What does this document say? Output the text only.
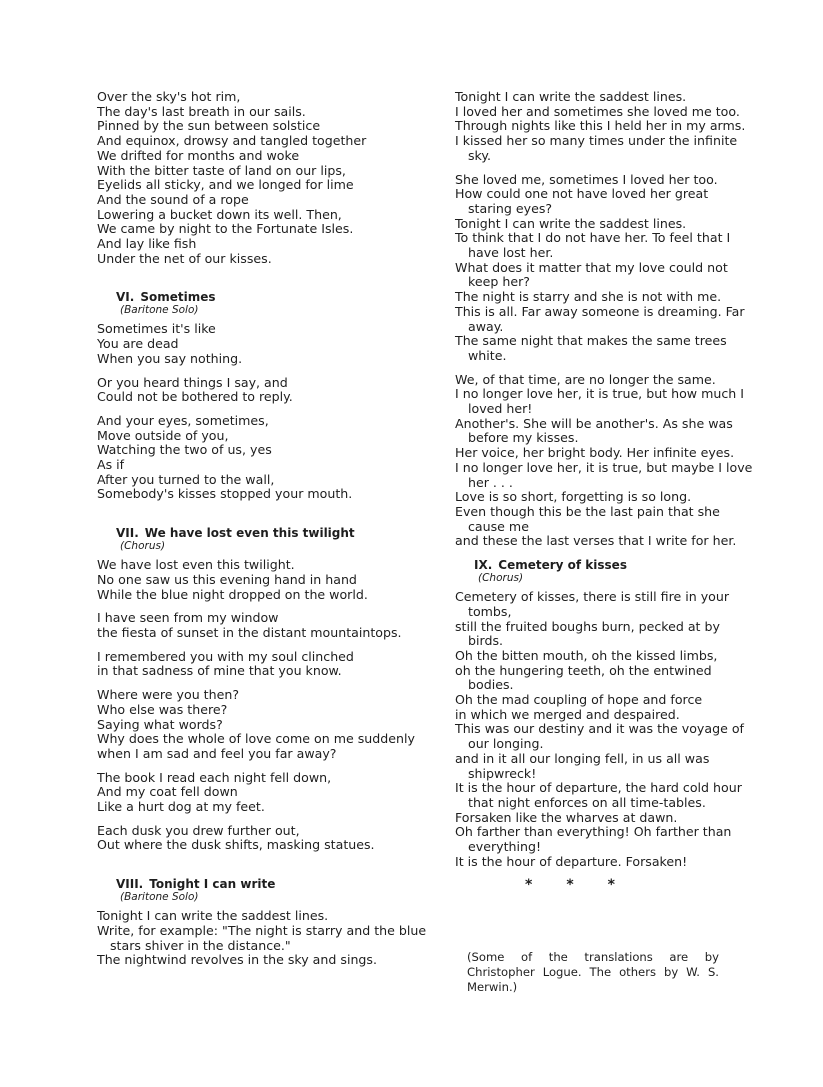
Over the sky's hot rim,
The day's last breath in our sails.
Pinned by the sun between solstice
And equinox, drowsy and tangled together
We drifted for months and woke
With the bitter taste of land on our lips,
Eyelids all sticky, and we longed for lime
And the sound of a rope
Lowering a bucket down its well. Then,
We came by night to the Fortunate Isles.
And lay like fish
Under the net of our kisses.
VI. Sometimes
(Baritone Solo)
Sometimes it's like
You are dead
When you say nothing.
Or you heard things I say, and
Could not be bothered to reply.
And your eyes, sometimes,
Move outside of you,
Watching the two of us, yes
As if
After you turned to the wall,
Somebody's kisses stopped your mouth.
VII. We have lost even this twilight
(Chorus)
We have lost even this twilight.
No one saw us this evening hand in hand
While the blue night dropped on the world.
I have seen from my window
the fiesta of sunset in the distant mountaintops.
I remembered you with my soul clinched
in that sadness of mine that you know.
Where were you then?
Who else was there?
Saying what words?
Why does the whole of love come on me suddenly
when I am sad and feel you far away?
The book I read each night fell down,
And my coat fell down
Like a hurt dog at my feet.
Each dusk you drew further out,
Out where the dusk shifts, masking statues.
VIII. Tonight I can write
(Baritone Solo)
Tonight I can write the saddest lines.
Write, for example: "The night is starry and the blue stars shiver in the distance."
The nightwind revolves in the sky and sings.
Tonight I can write the saddest lines.
I loved her and sometimes she loved me too.
Through nights like this I held her in my arms.
I kissed her so many times under the infinite sky.
She loved me, sometimes I loved her too.
How could one not have loved her great staring eyes?
Tonight I can write the saddest lines.
To think that I do not have her. To feel that I have lost her.
What does it matter that my love could not keep her?
The night is starry and she is not with me.
This is all. Far away someone is dreaming. Far away.
The same night that makes the same trees white.
We, of that time, are no longer the same.
I no longer love her, it is true, but how much I loved her!
Another's. She will be another's. As she was before my kisses.
Her voice, her bright body. Her infinite eyes.
I no longer love her, it is true, but maybe I love her . . .
Love is so short, forgetting is so long.
Even though this be the last pain that she cause me
and these the last verses that I write for her.
IX. Cemetery of kisses
(Chorus)
Cemetery of kisses, there is still fire in your tombs,
still the fruited boughs burn, pecked at by birds.
Oh the bitten mouth, oh the kissed limbs,
oh the hungering teeth, oh the entwined bodies.
Oh the mad coupling of hope and force
in which we merged and despaired.
This was our destiny and it was the voyage of our longing.
and in it all our longing fell, in us all was shipwreck!
It is the hour of departure, the hard cold hour that night enforces on all time-tables.
Forsaken like the wharves at dawn.
Oh farther than everything! Oh farther than everything!
It is the hour of departure. Forsaken!
* * *
(Some of the translations are by Christopher Logue. The others by W. S. Merwin.)
